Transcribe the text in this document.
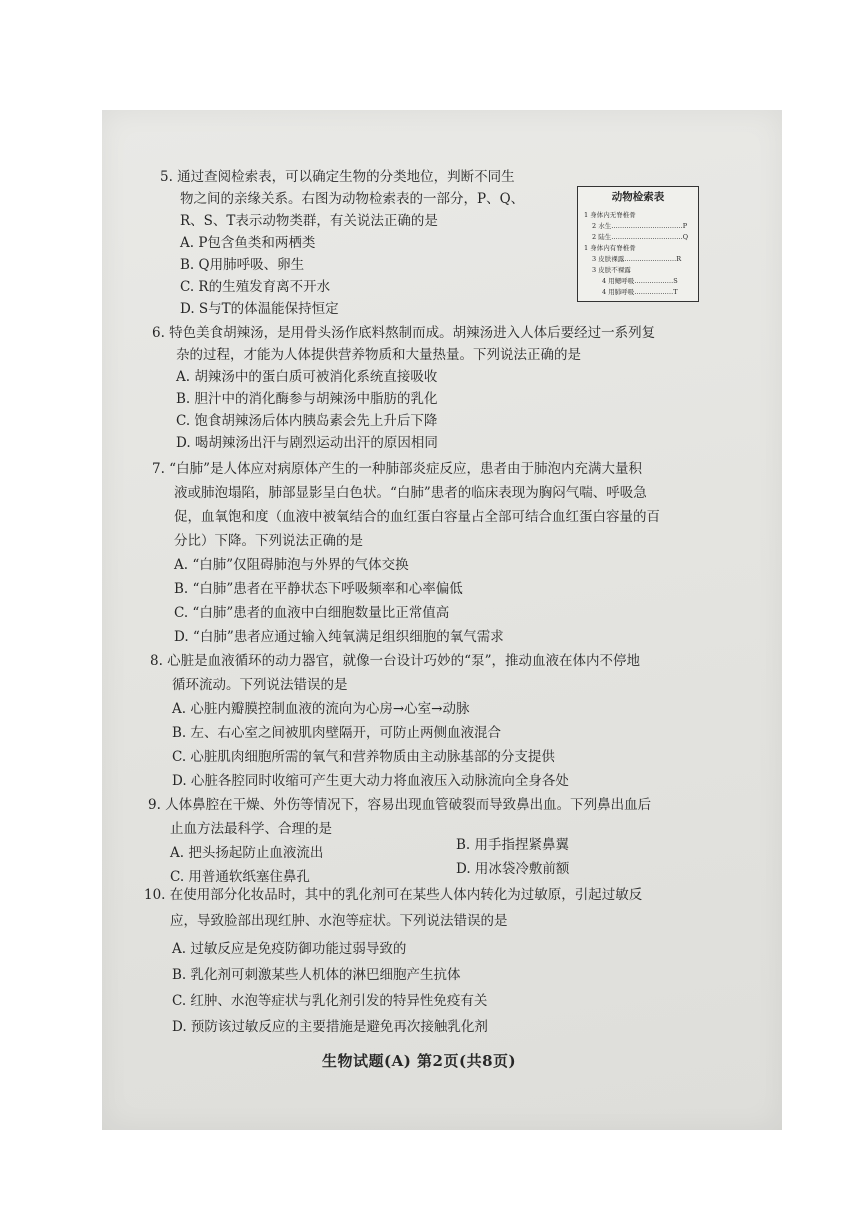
5. 通过查阅检索表，可以确定生物的分类地位，判断不同生
物之间的亲缘关系。右图为动物检索表的一部分，P、Q、
R、S、T表示动物类群，有关说法正确的是
A. P包含鱼类和两栖类
B. Q用肺呼吸、卵生
C. R的生殖发育离不开水
D. S与T的体温能保持恒定
动物检索表
1 身体内无脊椎骨
2 水生……………………………P
2 陆生……………………………Q
1 身体内有脊椎骨
3 皮肤裸露……………………R
3 皮肤不裸露
4 用鳃呼吸………………S
4 用肺呼吸………………T
6. 特色美食胡辣汤，是用骨头汤作底料熬制而成。胡辣汤进入人体后要经过一系列复
杂的过程，才能为人体提供营养物质和大量热量。下列说法正确的是
A. 胡辣汤中的蛋白质可被消化系统直接吸收
B. 胆汁中的消化酶参与胡辣汤中脂肪的乳化
C. 饱食胡辣汤后体内胰岛素会先上升后下降
D. 喝胡辣汤出汗与剧烈运动出汗的原因相同
7. “白肺”是人体应对病原体产生的一种肺部炎症反应，患者由于肺泡内充满大量积
液或肺泡塌陷，肺部显影呈白色状。“白肺”患者的临床表现为胸闷气喘、呼吸急
促，血氧饱和度（血液中被氧结合的血红蛋白容量占全部可结合血红蛋白容量的百
分比）下降。下列说法正确的是
A. “白肺”仅阻碍肺泡与外界的气体交换
B. “白肺”患者在平静状态下呼吸频率和心率偏低
C. “白肺”患者的血液中白细胞数量比正常值高
D. “白肺”患者应通过输入纯氧满足组织细胞的氧气需求
8. 心脏是血液循环的动力器官，就像一台设计巧妙的“泵”，推动血液在体内不停地
循环流动。下列说法错误的是
A. 心脏内瓣膜控制血液的流向为心房→心室→动脉
B. 左、右心室之间被肌肉壁隔开，可防止两侧血液混合
C. 心脏肌肉细胞所需的氧气和营养物质由主动脉基部的分支提供
D. 心脏各腔同时收缩可产生更大动力将血液压入动脉流向全身各处
9. 人体鼻腔在干燥、外伤等情况下，容易出现血管破裂而导致鼻出血。下列鼻出血后
止血方法最科学、合理的是
A. 把头扬起防止血液流出	B. 用手指捏紧鼻翼
C. 用普通软纸塞住鼻孔	D. 用冰袋冷敷前额
10. 在使用部分化妆品时，其中的乳化剂可在某些人体内转化为过敏原，引起过敏反
应，导致脸部出现红肿、水泡等症状。下列说法错误的是
A. 过敏反应是免疫防御功能过弱导致的
B. 乳化剂可刺激某些人机体的淋巴细胞产生抗体
C. 红肿、水泡等症状与乳化剂引发的特异性免疫有关
D. 预防该过敏反应的主要措施是避免再次接触乳化剂
生物试题(A) 第2页(共8页)
